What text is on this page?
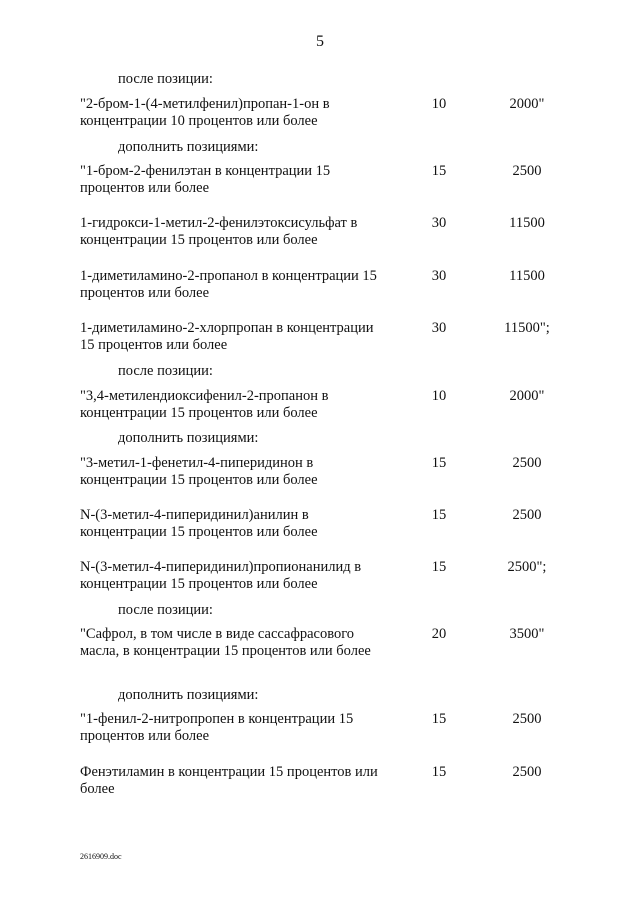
5
после позиции:
"2-бром-1-(4-метилфенил)пропан-1-он в концентрации 10 процентов или более
10	2000"
дополнить позициями:
"1-бром-2-фенилэтан в концентрации 15 процентов или более
15	2500
1-гидрокси-1-метил-2-фенилэтоксисульфат в концентрации 15 процентов или более
30	11500
1-диметиламино-2-пропанол в концентрации 15 процентов или более
30	11500
1-диметиламино-2-хлорпропан в концентрации 15 процентов или более
30	11500";
после позиции:
"3,4-метилендиоксифенил-2-пропанон в концентрации 15 процентов или более
10	2000"
дополнить позициями:
"3-метил-1-фенетил-4-пиперидинон в концентрации 15 процентов или более
15	2500
N-(3-метил-4-пиперидинил)анилин в концентрации 15 процентов или более
15	2500
N-(3-метил-4-пиперидинил)пропионанилид в концентрации 15 процентов или более
15	2500";
после позиции:
"Сафрол, в том числе в виде сассафрасового масла, в концентрации 15 процентов или более
20	3500"
дополнить позициями:
"1-фенил-2-нитропропен в концентрации 15 процентов или более
15	2500
Фенэтиламин в концентрации 15 процентов или более
15	2500
2616909.doc
